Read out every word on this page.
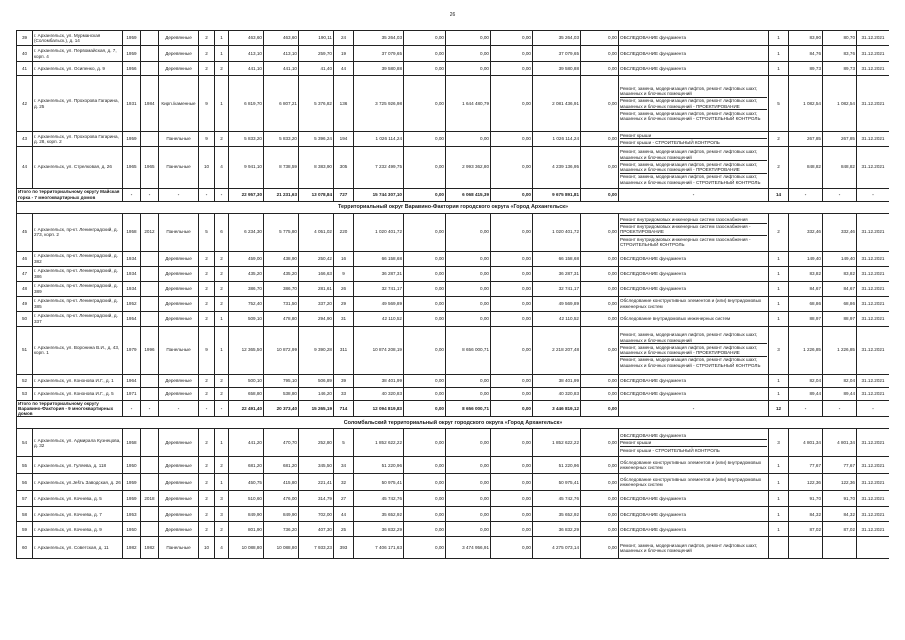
26
39	г. Архангельск, ул. Мурманская (Соломбальск.), д. 14	1959		Деревянные	2	1	463,60	463,60	190,11	24	35 264,03	0,00	0,00	0,00	35 264,03	0,00	ОБСЛЕДОВАНИЕ фундамента	1	83,90	80,70	31.12.2021
40	г. Архангельск, ул. Первомайская, д. 7, корп. 4	1959		Деревянные	2	1	413,10	413,10	259,70	19	37 079,65	0,00	0,00	0,00	37 079,65	0,00	ОБСЛЕДОВАНИЕ фундамента	1	84,76	83,76	31.12.2021
41	г. Архангельск, ул. Осипенко, д. 9	1956		Деревянные	2	2	441,10	441,10	41,40	44	39 580,88	0,00	0,00	0,00	39 580,88	0,00	ОБСЛЕДОВАНИЕ фундамента	1	89,73	89,73	31.12.2021
42	г. Архангельск, ул. Прохорова Гагарина, д. 25	1931	1984	Кирп./каменные	9	1	6 819,70	6 807,21	5 376,82	136	3 725 926,98	0,00	1 644 480,79	0,00	2 081 436,91	0,00	Ремонт, замена, модернизация лифтов, ремонт лифтовых шахт, машинных и блочных помещений
Ремонт, замена, модернизация лифтов, ремонт лифтовых шахт, машинных и блочных помещений - ПРОЕКТИРОВАНИЕ
Ремонт, замена, модернизация лифтов, ремонт лифтовых шахт, машинных и блочных помещений - СТРОИТЕЛЬНЫЙ КОНТРОЛЬ	5	1 082,54	1 082,54	31.12.2021
43	г. Архангельск, ул. Прохорова Гагарина, д. 28, корп. 2	1959		Панельные	9	2	5 833,20	5 833,20	5 396,24	194	1 026 114,24	0,00	0,00	0,00	1 026 114,24	0,00	Ремонт крыши
Ремонт крыши - СТРОИТЕЛЬНЫЙ КОНТРОЛЬ	2	267,85	267,85	31.12.2021
44	г. Архангельск, ул. Стрелковая, д. 26	1965	1965	Панельные	10	4	9 941,10	8 738,59	8 383,90	305	7 232 499,75	0,00	2 993 362,80	0,00	4 239 136,95	0,00	Ремонт, замена, модернизация лифтов, ремонт лифтовых шахт, машинных и блочных помещений
Ремонт, замена, модернизация лифтов, ремонт лифтовых шахт, машинных и блочных помещений - ПРОЕКТИРОВАНИЕ
Ремонт, замена, модернизация лифтов, ремонт лифтовых шахт, машинных и блочных помещений - СТРОИТЕЛЬНЫЙ КОНТРОЛЬ	2	848,82	848,82	31.12.2021
Итого по территориальному округу Майская горка - 7 многоквартирных домов		-	-	-	-	-	22 957,30	21 231,63	13 078,84	727	15 744 307,10	0,00	6 068 415,39	0,00	9 675 891,81	0,00	-	14	-	-	-
Территориальный округ Варавино-Фактория городского округа «Город Архангельск»																					
45	г. Архангельск, пр-кт. Ленинградский, д. 273, корп. 2	1958	2012	Панельные	5	6	6 234,30	5 775,80	4 051,02	220	1 020 401,72	0,00	0,00	0,00	1 020 401,72	0,00	Ремонт внутридомовых инженерных систем газоснабжения
Ремонт внутридомовых инженерных систем газоснабжения - ПРОЕКТИРОВАНИЕ
Ремонт внутридомовых инженерных систем газоснабжения - СТРОИТЕЛЬНЫЙ КОНТРОЛЬ	2	332,46	332,46	31.12.2021
46	г. Архангельск, пр-кт. Ленинградский, д. 382	1934		Деревянные	2	2	459,00	438,90	250,42	16	66 158,68	0,00	0,00	0,00	66 158,68	0,00	ОБСЛЕДОВАНИЕ фундамента	1	149,40	149,40	31.12.2021
47	г. Архангельск, пр-кт. Ленинградский, д. 386	1934		Деревянные	2	2	435,20	435,20	166,63	9	36 287,31	0,00	0,00	0,00	36 287,31	0,00	ОБСЛЕДОВАНИЕ фундамента	1	83,82	83,82	31.12.2021
48	г. Архангельск, пр-кт. Ленинградский, д. 389	1934		Деревянные	2	2	386,70	386,70	281,61	26	32 741,17	0,00	0,00	0,00	32 741,17	0,00	ОБСЛЕДОВАНИЕ фундамента	1	84,67	84,67	31.12.2021
49	г. Архангельск, пр-кт. Ленинградский, д. 385	1952		Деревянные	2	2	752,40	731,50	337,20	29	49 569,89	0,00	0,00	0,00	49 569,89	0,00	Обследование конструктивных элементов и (или) внутридомовых инженерных систем	1	68,86	68,86	31.12.2021
50	г. Архангельск, пр-кт. Ленинградский, д. 337	1954		Деревянные	2	1	509,10	478,80	294,90	31	42 110,52	0,00	0,00	0,00	42 110,52	0,00	Обследование внутридомовых инженерных систем	1	88,97	88,97	31.12.2021
51	г. Архангельск, ул. Воронина В.И., д. 43, корп. 1	1979	1996	Панельные	9	1	12 365,50	10 872,99	9 390,28	311	10 874 208,19	0,00	8 656 000,71	0,00	2 218 207,48	0,00	Ремонт, замена, модернизация лифтов, ремонт лифтовых шахт, машинных и блочных помещений
Ремонт, замена, модернизация лифтов, ремонт лифтовых шахт, машинных и блочных помещений - ПРОЕКТИРОВАНИЕ
Ремонт, замена, модернизация лифтов, ремонт лифтовых шахт, машинных и блочных помещений - СТРОИТЕЛЬНЫЙ КОНТРОЛЬ	3	1 226,85	1 226,85	31.12.2021
52	г. Архангельск, ул. Кононова И.Г., д. 1	1964		Деревянные	2	2	500,10	795,10	506,89	39	38 401,99	0,00	0,00	0,00	38 401,99	0,00	ОБСЛЕДОВАНИЕ фундамента	1	82,04	82,04	31.12.2021
53	г. Архангельск, ул. Кононова И.Г., д. 5	1971		Деревянные	2	2	658,80	538,80	146,20	33	40 320,83	0,00	0,00	0,00	40 320,83	0,00	ОБСЛЕДОВАНИЕ фундамента	1	89,44	89,44	31.12.2021
Итого по территориальному округу Варавино-Фактория - 9 многоквартирных домов		-	-	-	-	-	22 491,40	20 373,40	15 265,19	714	12 094 819,83	0,00	8 656 000,71	0,00	3 446 819,12	0,00	-	12	-	-	-
Соломбальский территориальный округ городского округа «Город Архангельск»																					
54	г. Архангельск, ул. Адмирала Кузнецова, д. 32	1958		Деревянные	2	1	441,20	470,70	252,80	5	1 852 622,22	0,00	0,00	0,00	1 852 622,22	0,00	ОБСЛЕДОВАНИЕ фундамента
Ремонт крыши
Ремонт крыши - СТРОИТЕЛЬНЫЙ КОНТРОЛЬ	3	4 801,34	4 801,34	31.12.2021
55	г. Архангельск, ул. Гуляева, д. 118	1950		Деревянные	2	2	681,20	681,20	345,50	34	51 220,96	0,00	0,00	0,00	51 220,96	0,00	Обследование конструктивных элементов и (или) внутридомовых инженерных систем	1	77,67	77,67	31.12.2021
56	г. Архангельск, ул.Ješть Заводская, д. 26	1959		Деревянные	2	1	450,75	415,80	221,41	32	50 975,41	0,00	0,00	0,00	50 975,41	0,00	Обследование конструктивных элементов и (или) внутридомовых инженерных систем	1	122,36	122,36	31.12.2021
57	г. Архангельск, ул. Кочнева, д. 5	1959	2018	Деревянные	2	3	510,60	476,00	314,79	27	45 742,76	0,00	0,00	0,00	45 742,76	0,00	ОБСЛЕДОВАНИЕ фундамента	1	91,70	91,70	31.12.2021
58	г. Архангельск, ул. Кочнева, д. 7	1953		Деревянные	2	3	849,90	849,90	702,00	44	35 652,92	0,00	0,00	0,00	35 652,92	0,00	ОБСЛЕДОВАНИЕ фундамента	1	84,32	84,32	31.12.2021
59	г. Архангельск, ул. Кочнева, д. 9	1950		Деревянные	2	2	801,90	736,20	407,30	25	36 832,29	0,00	0,00	0,00	36 832,29	0,00	ОБСЛЕДОВАНИЕ фундамента	1	87,02	87,02	31.12.2021
60	г. Архангельск, ул. Советская, д. 11	1982	1982	Панельные	10	4	10 088,80	10 088,80	7 933,23	393	7 406 171,63	0,00	3 474 956,91	0,00	4 275 073,14	0,00	Ремонт, замена, модернизация лифтов, ремонт лифтовых шахт, машинных и блочных помещений				
